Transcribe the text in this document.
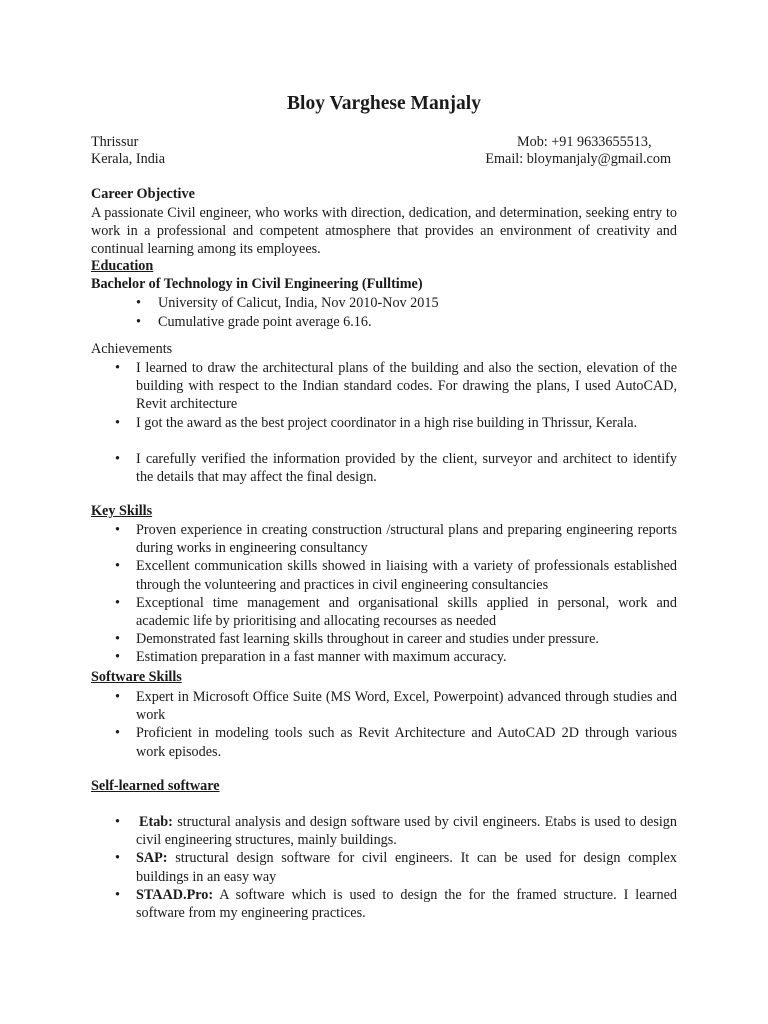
Bloy Varghese Manjaly
Thrissur
Kerala, India
Mob: +91 9633655513,
Email: bloymanjaly@gmail.com
Career Objective
A passionate Civil engineer, who works with direction, dedication, and determination, seeking entry to work in a professional and competent atmosphere that provides an environment of creativity and continual learning among its employees.
Education
Bachelor of Technology in Civil Engineering (Fulltime)
• University of Calicut, India, Nov 2010-Nov 2015
• Cumulative grade point average 6.16.
Achievements
• I learned to draw the architectural plans of the building and also the section, elevation of the building with respect to the Indian standard codes. For drawing the plans, I used AutoCAD, Revit architecture
• I got the award as the best project coordinator in a high rise building in Thrissur, Kerala.
• I carefully verified the information provided by the client, surveyor and architect to identify the details that may affect the final design.
Key Skills
• Proven experience in creating construction /structural plans and preparing engineering reports during works in engineering consultancy
• Excellent communication skills showed in liaising with a variety of professionals established through the volunteering and practices in civil engineering consultancies
• Exceptional time management and organisational skills applied in personal, work and academic life by prioritising and allocating recourses as needed
• Demonstrated fast learning skills throughout in career and studies under pressure.
• Estimation preparation in a fast manner with maximum accuracy.
Software Skills
• Expert in Microsoft Office Suite (MS Word, Excel, Powerpoint) advanced through studies and work
• Proficient in modeling tools such as Revit Architecture and AutoCAD 2D through various work episodes.
Self-learned software
• Etab: structural analysis and design software used by civil engineers. Etabs is used to design civil engineering structures, mainly buildings.
• SAP: structural design software for civil engineers. It can be used for design complex buildings in an easy way
• STAAD.Pro: A software which is used to design the for the framed structure. I learned software from my engineering practices.
